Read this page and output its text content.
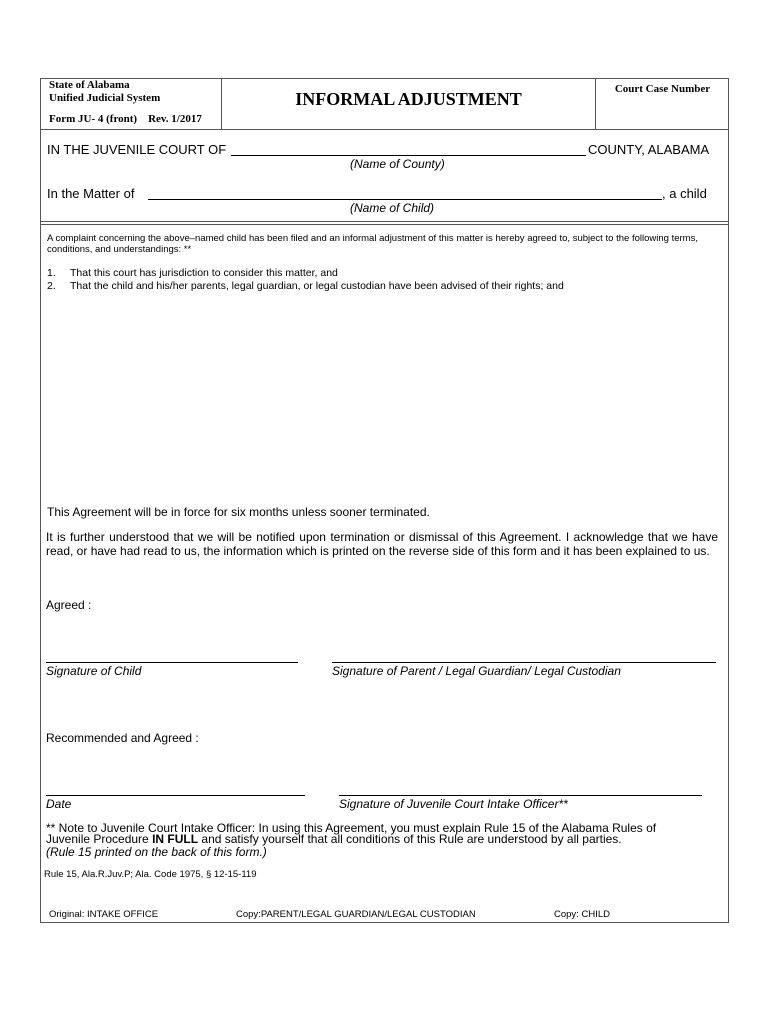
State of Alabama
Unified Judicial System
Form JU- 4 (front) Rev. 1/2017
INFORMAL ADJUSTMENT	Court Case Number
IN THE JUVENILE COURT OF	COUNTY, ALABAMA
(Name of County)
In the Matter of	, a child
(Name of Child)
A complaint concerning the above–named child has been filed and an informal adjustment of this matter is hereby agreed to, subject to the following terms, conditions, and understandings: **
1. That this court has jurisdiction to consider this matter, and
2. That the child and his/her parents, legal guardian, or legal custodian have been advised of their rights; and
This Agreement will be in force for six months unless sooner terminated.
It is further understood that we will be notified upon termination or dismissal of this Agreement. I acknowledge that we have read, or have had read to us, the information which is printed on the reverse side of this form and it has been explained to us.
Agreed :
Signature of Child	Signature of Parent / Legal Guardian/ Legal Custodian
Recommended and Agreed :
Date	Signature of Juvenile Court Intake Officer**
** Note to Juvenile Court Intake Officer: In using this Agreement, you must explain Rule 15 of the Alabama Rules of
Juvenile Procedure IN FULL and satisfy yourself that all conditions of this Rule are understood by all parties.
(Rule 15 printed on the back of this form.)
Rule 15, Ala.R.Juv.P; Ala. Code 1975, § 12-15-119
Original: INTAKE OFFICE	Copy:PARENT/LEGAL GUARDIAN/LEGAL CUSTODIAN	Copy: CHILD
